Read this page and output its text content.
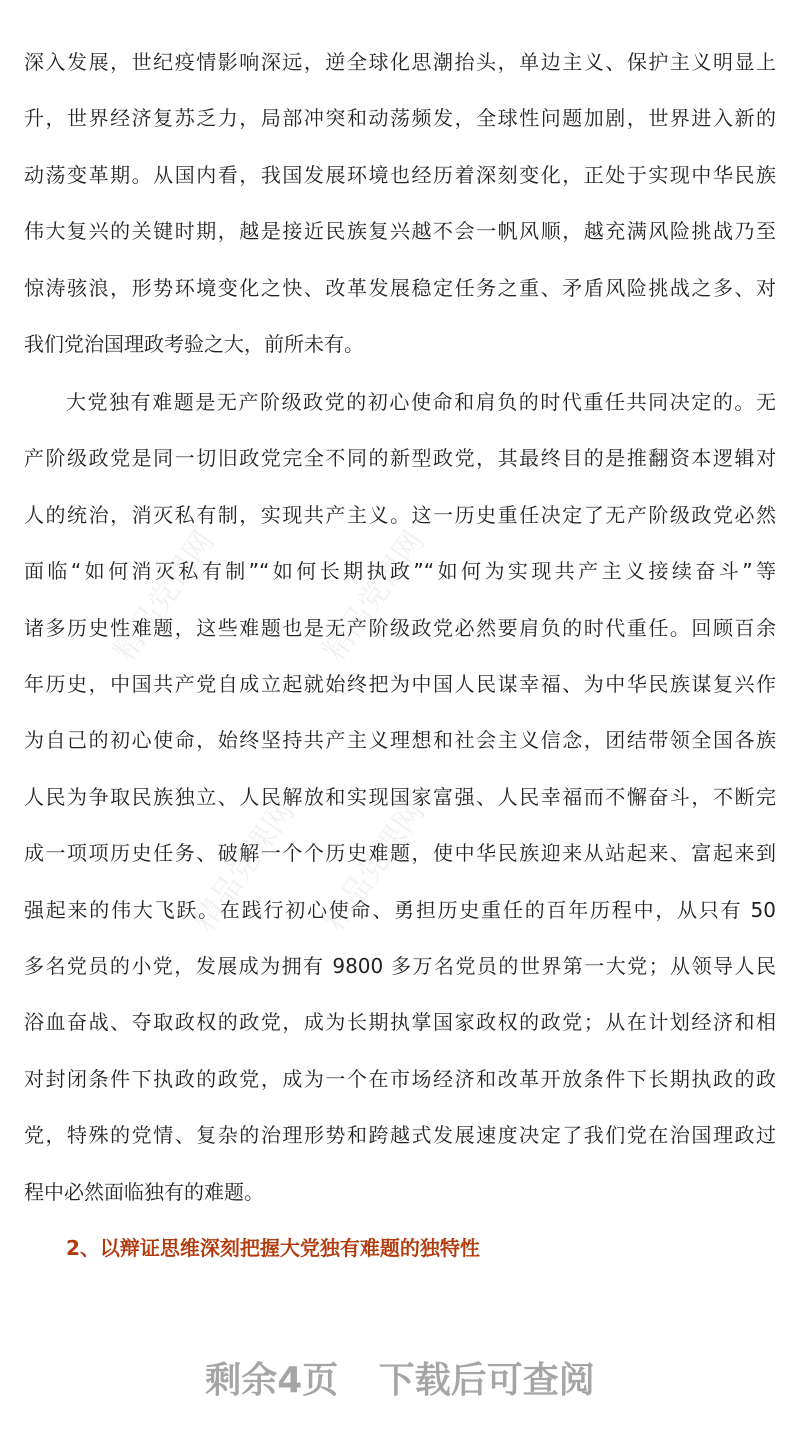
精品党课网	精品党课网
精品党课网 精品党课网
深入发展，世纪疫情影响深远，逆全球化思潮抬头，单边主义、保护主义明显上
升，世界经济复苏乏力，局部冲突和动荡频发，全球性问题加剧，世界进入新的
动荡变革期。从国内看，我国发展环境也经历着深刻变化，正处于实现中华民族
伟大复兴的关键时期，越是接近民族复兴越不会一帆风顺，越充满风险挑战乃至
惊涛骇浪，形势环境变化之快、改革发展稳定任务之重、矛盾风险挑战之多、对
我们党治国理政考验之大，前所未有。
大党独有难题是无产阶级政党的初心使命和肩负的时代重任共同决定的。无
产阶级政党是同一切旧政党完全不同的新型政党，其最终目的是推翻资本逻辑对
人的统治，消灭私有制，实现共产主义。这一历史重任决定了无产阶级政党必然
面临“如何消灭私有制”“如何长期执政”“如何为实现共产主义接续奋斗”等
诸多历史性难题，这些难题也是无产阶级政党必然要肩负的时代重任。回顾百余
年历史，中国共产党自成立起就始终把为中国人民谋幸福、为中华民族谋复兴作
为自己的初心使命，始终坚持共产主义理想和社会主义信念，团结带领全国各族
人民为争取民族独立、人民解放和实现国家富强、人民幸福而不懈奋斗，不断完
成一项项历史任务、破解一个个历史难题，使中华民族迎来从站起来、富起来到
强起来的伟大飞跃。在践行初心使命、勇担历史重任的百年历程中，从只有 50
多名党员的小党，发展成为拥有 9800 多万名党员的世界第一大党；从领导人民
浴血奋战、夺取政权的政党，成为长期执掌国家政权的政党；从在计划经济和相
对封闭条件下执政的政党，成为一个在市场经济和改革开放条件下长期执政的政
党，特殊的党情、复杂的治理形势和跨越式发展速度决定了我们党在治国理政过
程中必然面临独有的难题。
2、以辩证思维深刻把握大党独有难题的独特性
剩余4页 下载后可查阅
